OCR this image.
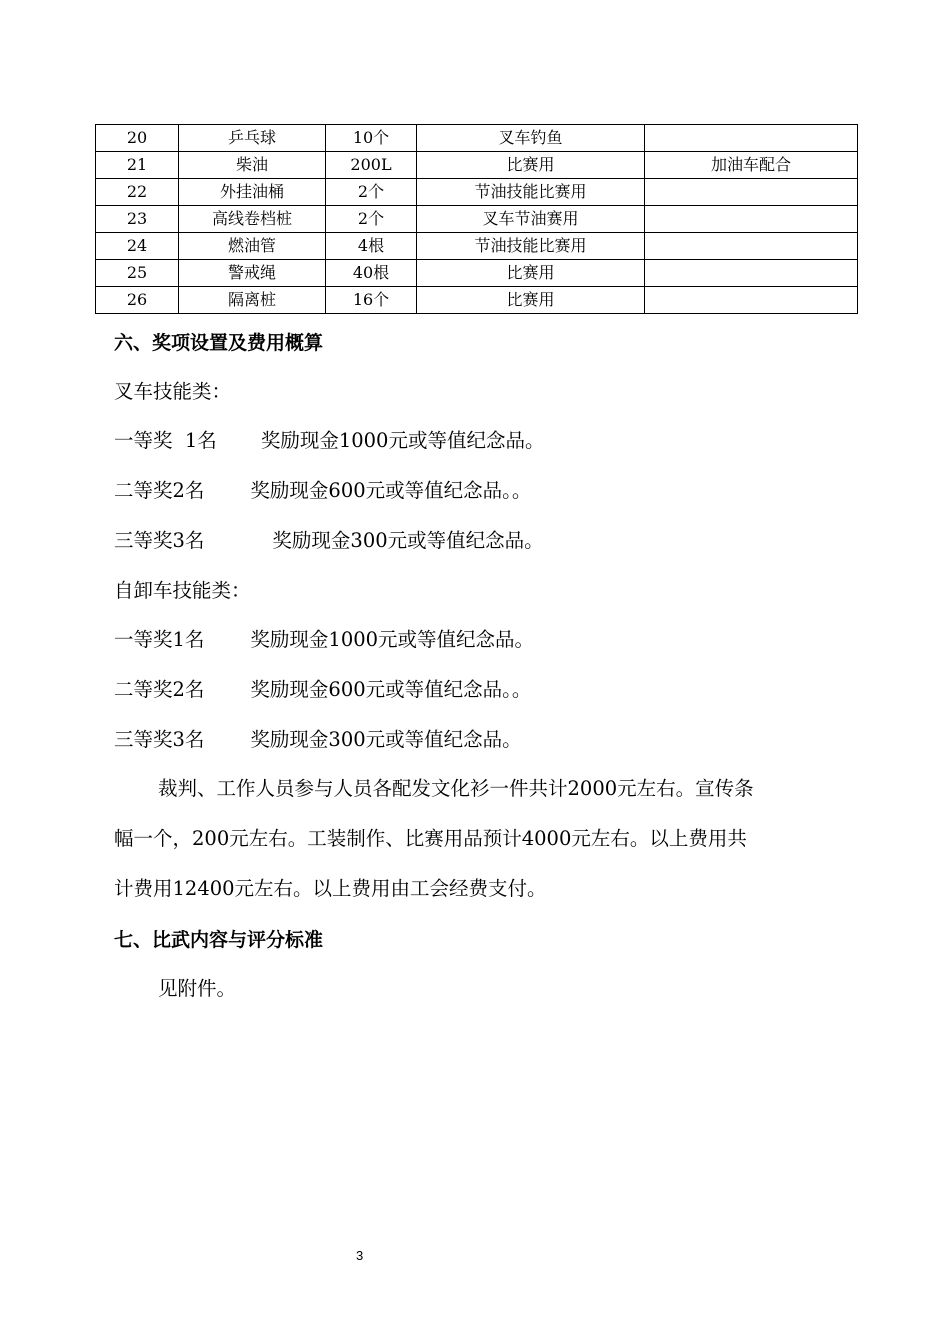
20	乒乓球	10个	叉车钓鱼	
21	柴油	200L	比赛用	加油车配合
22	外挂油桶	2个	节油技能比赛用	
23	高线卷档桩	2个	叉车节油赛用	
24	燃油管	4根	节油技能比赛用	
25	警戒绳	40根	比赛用	
26	隔离桩	16个	比赛用	
六、奖项设置及费用概算
叉车技能类：
一等奖  1名 奖励现金1000元或等值纪念品。
二等奖2名 奖励现金600元或等值纪念品。。
三等奖3名	奖励现金300元或等值纪念品。
自卸车技能类：
一等奖1名 奖励现金1000元或等值纪念品。
二等奖2名 奖励现金600元或等值纪念品。。
三等奖3名 奖励现金300元或等值纪念品。
裁判、工作人员参与人员各配发文化衫一件共计2000元左右。宣传条
幅一个，200元左右。工装制作、比赛用品预计4000元左右。以上费用共
计费用12400元左右。以上费用由工会经费支付。
七、比武内容与评分标准
见附件。
3
